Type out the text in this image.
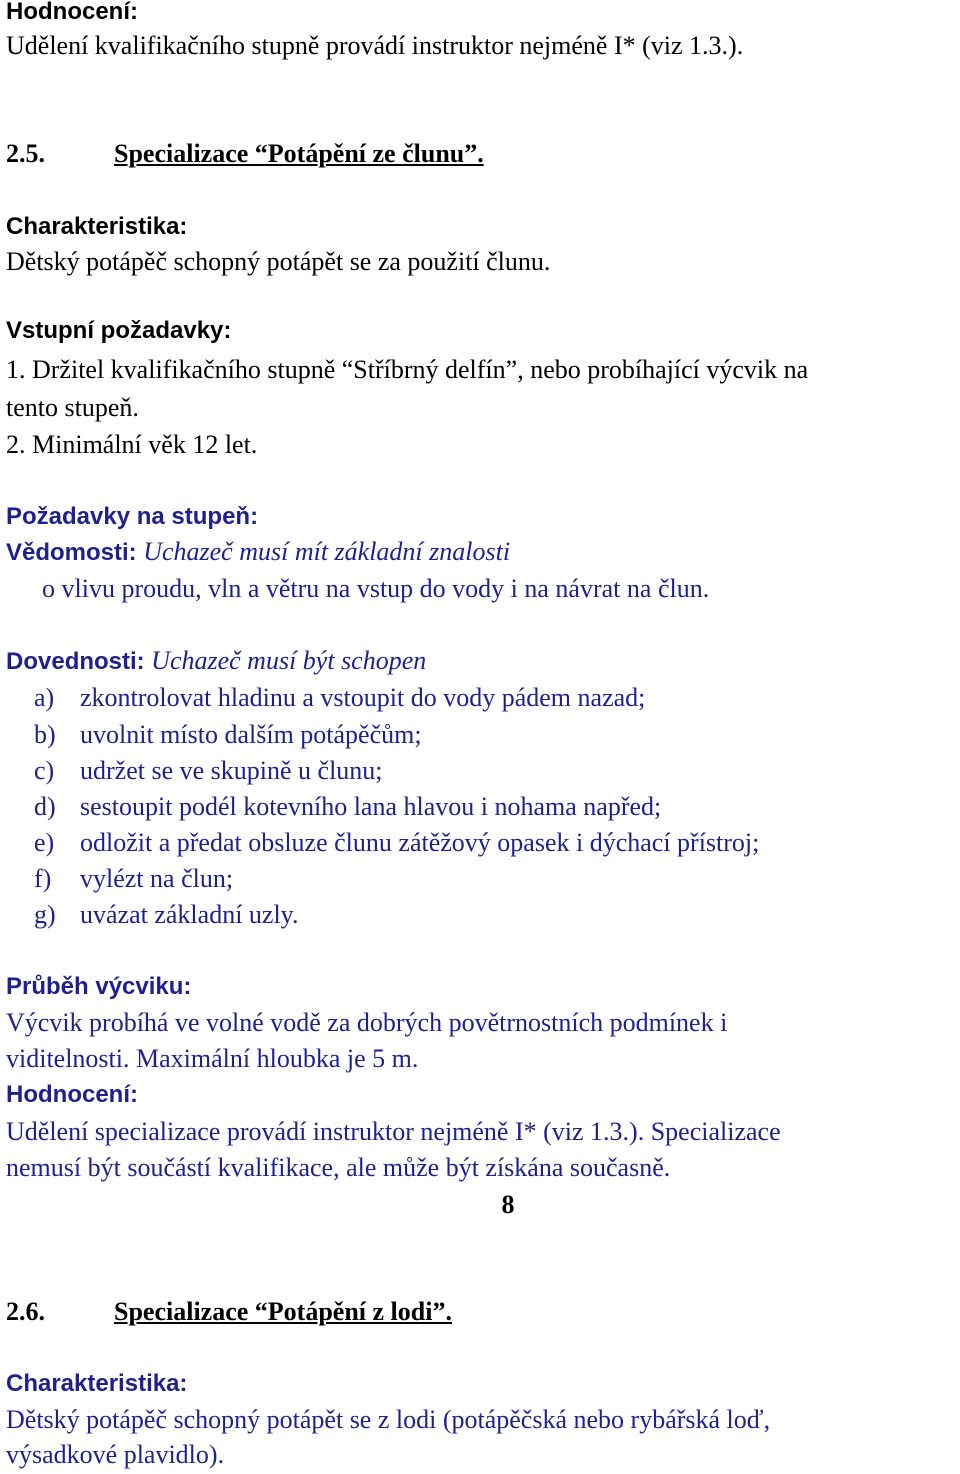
Hodnocení:
Udělení kvalifikačního stupně provádí instruktor nejméně I* (viz 1.3.).
2.5.	Specializace “Potápění ze člunu”.
Charakteristika:
Dětský potápěč schopný potápět se za použití člunu.
Vstupní požadavky:
1. Držitel kvalifikačního stupně “Stříbrný delfín”, nebo probíhající výcvik na
tento stupeň.
2. Minimální věk 12 let.
Požadavky na stupeň:
Vědomosti: Uchazeč musí mít základní znalosti
o vlivu proudu, vln a větru na vstup do vody i na návrat na člun.
Dovednosti: Uchazeč musí být schopen
a) zkontrolovat hladinu a vstoupit do vody pádem nazad;
b) uvolnit místo dalším potápěčům;
c) udržet se ve skupině u člunu;
d) sestoupit podél kotevního lana hlavou i nohama napřed;
e) odložit a předat obsluze člunu zátěžový opasek i dýchací přístroj;
f) vylézt na člun;
g) uvázat základní uzly.
Průběh výcviku:
Výcvik probíhá ve volné vodě za dobrých povětrnostních podmínek i
viditelnosti. Maximální hloubka je 5 m.
Hodnocení:
Udělení specializace provádí instruktor nejméně I* (viz 1.3.). Specializace
nemusí být součástí kvalifikace, ale může být získána současně.
8
2.6.	Specializace “Potápění z lodi”.
Charakteristika:
Dětský potápěč schopný potápět se z lodi (potápěčská nebo rybářská loď,
výsadkové plavidlo).
